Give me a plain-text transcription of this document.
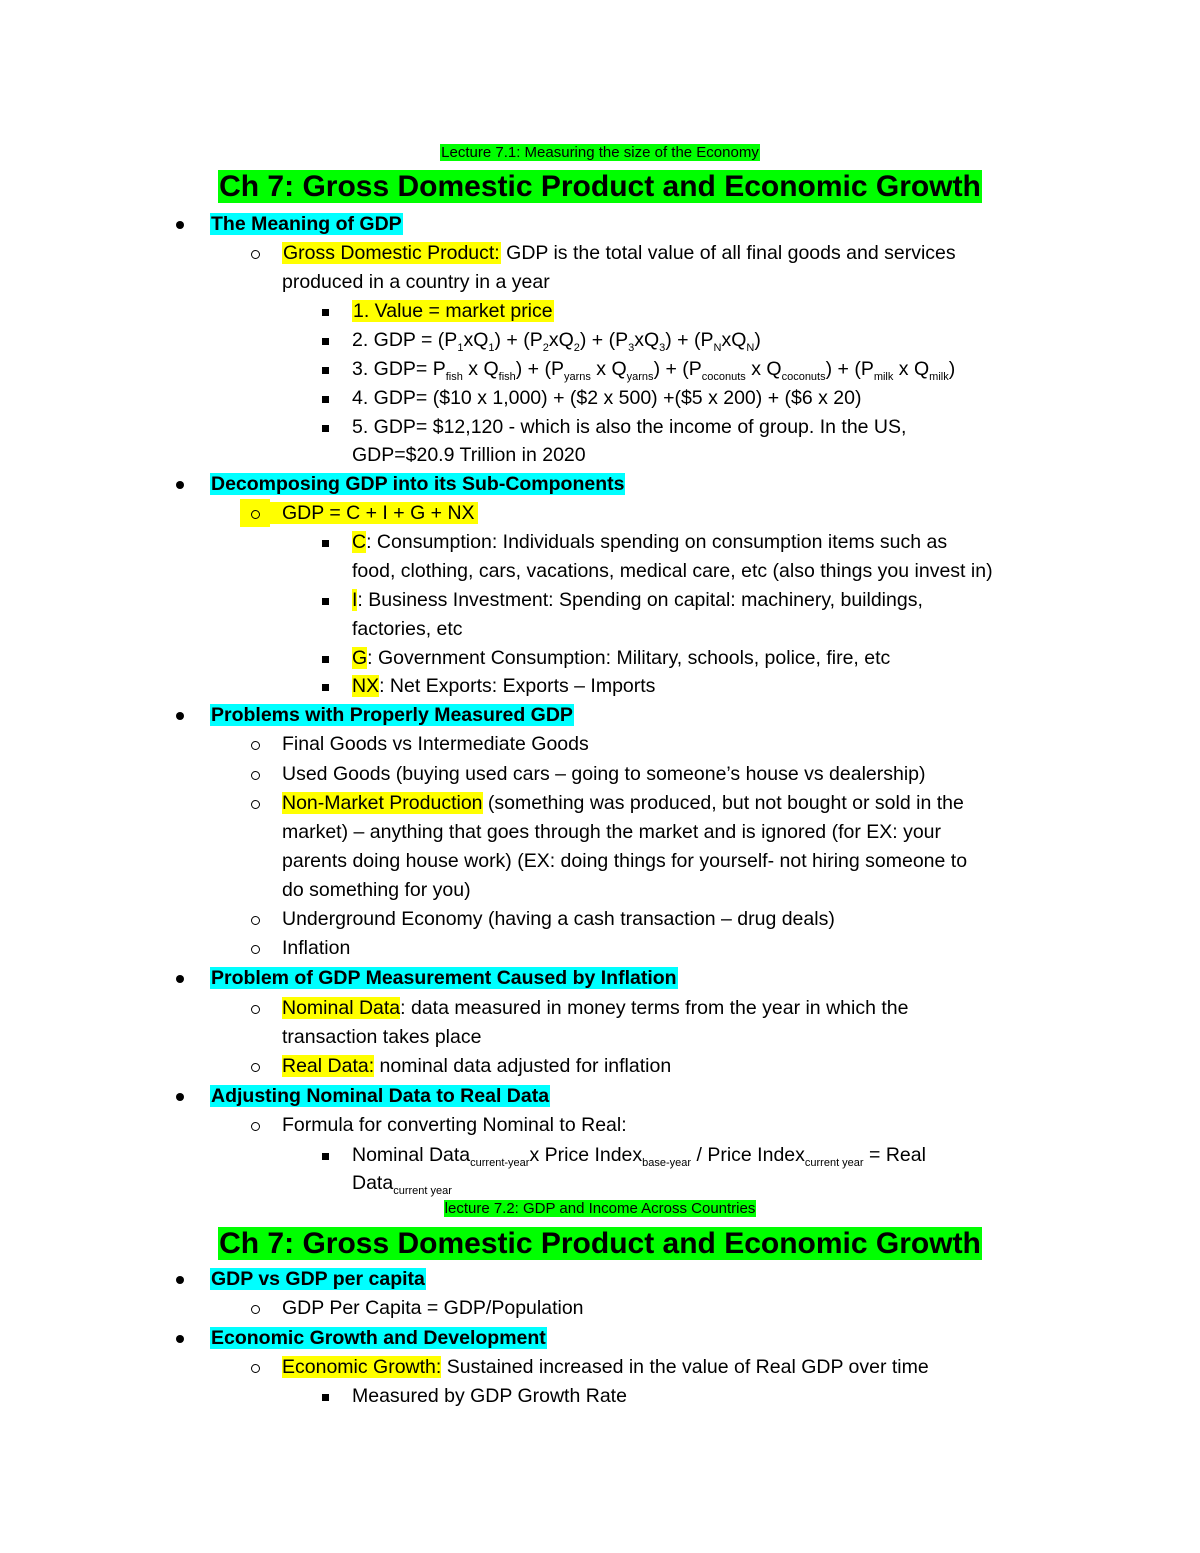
Lecture 7.1: Measuring the size of the Economy
Ch 7: Gross Domestic Product and Economic Growth
The Meaning of GDP
Gross Domestic Product: GDP is the total value of all final goods and services
produced in a country in a year
1. Value = market price
2. GDP = $(P_1xQ_1) + (P_2xQ_2) + (P_3xQ_3) + (P_NxQ_N)$
3. $GDP= P_{fish}$ x $Q_{fish}) + (P_{yarns}$ x $Q_{yarns}) + (P_{coconuts}$ x $Q_{coconuts}) + (P_{milk}$ x $Q_{milk}$)
4. GDP= ($10 x 1,000) + ($2 x 500) +($5 x 200) + ($6 x 20)
5. GDP= $12,120 - which is also the income of group. In the US,
GDP=$20.9 Trillion in 2020
Decomposing GDP into its Sub-Components
GDP = C + I + G + NX
C: Consumption: Individuals spending on consumption items such as
food, clothing, cars, vacations, medical care, etc (also things you invest in)
I: Business Investment: Spending on capital: machinery, buildings,
factories, etc
G: Government Consumption: Military, schools, police, fire, etc
NX: Net Exports: Exports – Imports
Problems with Properly Measured GDP
Final Goods vs Intermediate Goods
Used Goods (buying used cars – going to someone’s house vs dealership)
Non-Market Production (something was produced, but not bought or sold in the
market) – anything that goes through the market and is ignored (for EX: your
parents doing house work) (EX: doing things for yourself- not hiring someone to
do something for you)
Underground Economy (having a cash transaction – drug deals)
Inflation
Problem of GDP Measurement Caused by Inflation
Nominal Data: data measured in money terms from the year in which the
transaction takes place
Real Data: nominal data adjusted for inflation
Adjusting Nominal Data to Real Data
Formula for converting Nominal to Real:
Nominal Data$_{current-year}$x Price Index$_{base-year}$ / Price Index$_{current year}$ = Real
Data$_{current year}$
lecture 7.2: GDP and Income Across Countries
Ch 7: Gross Domestic Product and Economic Growth
GDP vs GDP per capita
GDP Per Capita = GDP/Population
Economic Growth and Development
Economic Growth: Sustained increased in the value of Real GDP over time
Measured by GDP Growth Rate
